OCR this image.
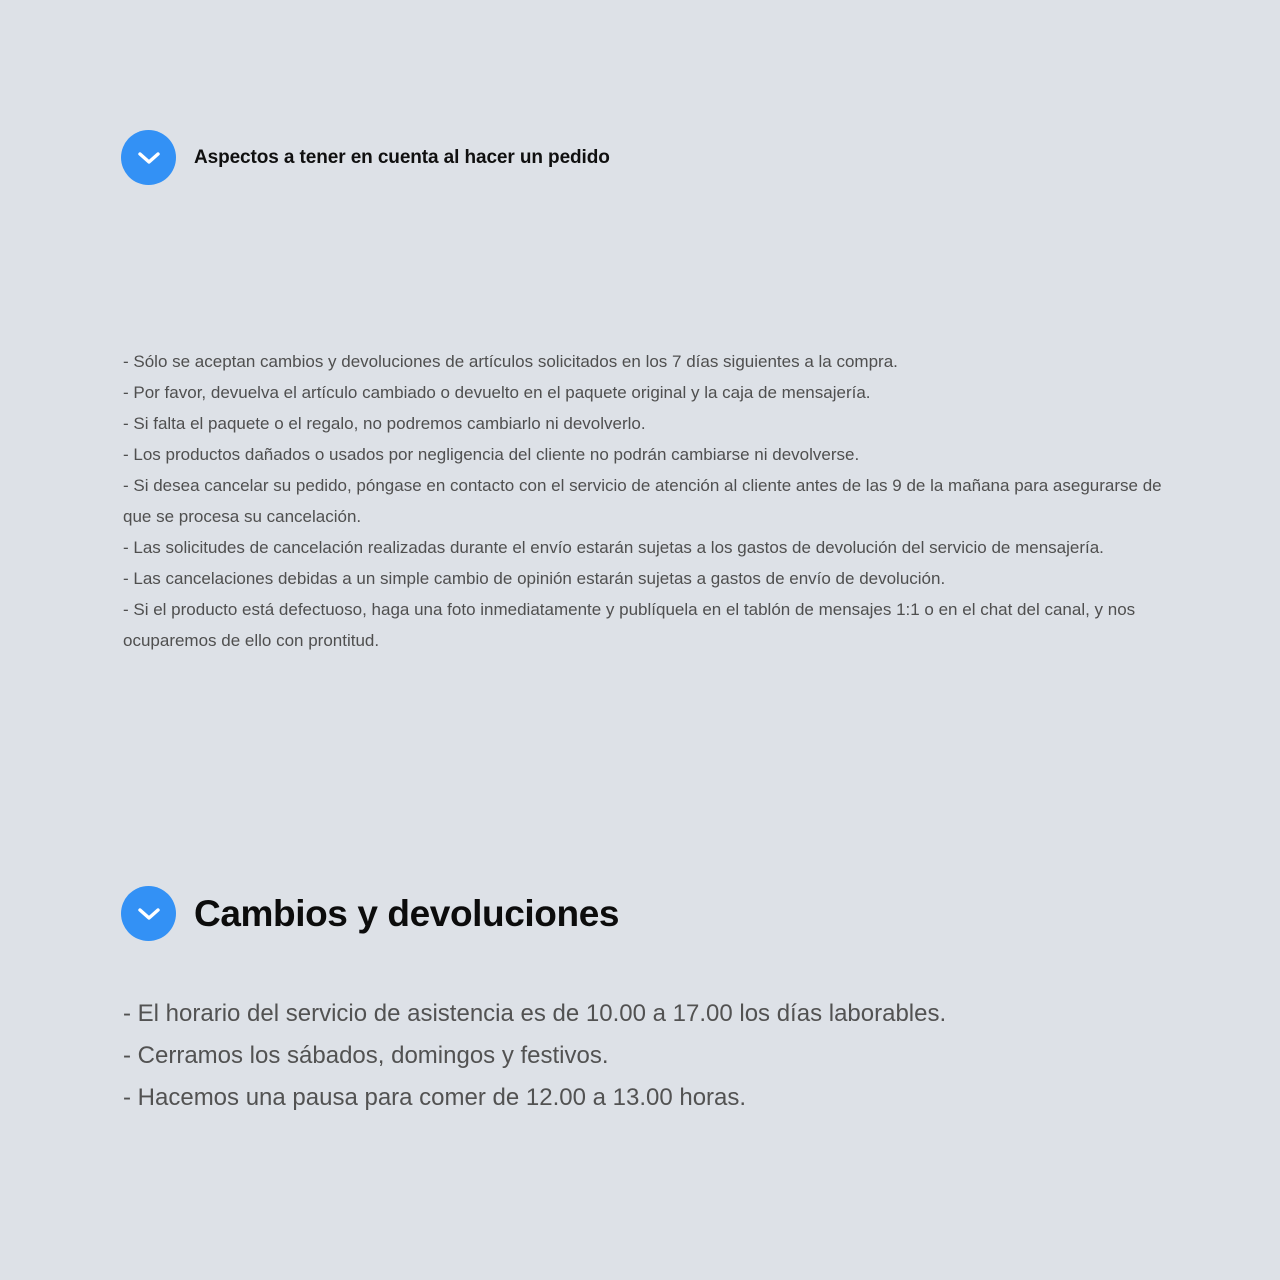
Aspectos a tener en cuenta al hacer un pedido
- Sólo se aceptan cambios y devoluciones de artículos solicitados en los 7 días siguientes a la compra.
- Por favor, devuelva el artículo cambiado o devuelto en el paquete original y la caja de mensajería.
- Si falta el paquete o el regalo, no podremos cambiarlo ni devolverlo.
- Los productos dañados o usados por negligencia del cliente no podrán cambiarse ni devolverse.
- Si desea cancelar su pedido, póngase en contacto con el servicio de atención al cliente antes de las 9 de la mañana para asegurarse de que se procesa su cancelación.
- Las solicitudes de cancelación realizadas durante el envío estarán sujetas a los gastos de devolución del servicio de mensajería.
- Las cancelaciones debidas a un simple cambio de opinión estarán sujetas a gastos de envío de devolución.
- Si el producto está defectuoso, haga una foto inmediatamente y publíquela en el tablón de mensajes 1:1 o en el chat del canal, y nos ocuparemos de ello con prontitud.
Cambios y devoluciones
- El horario del servicio de asistencia es de 10.00 a 17.00 los días laborables.
- Cerramos los sábados, domingos y festivos.
- Hacemos una pausa para comer de 12.00 a 13.00 horas.
